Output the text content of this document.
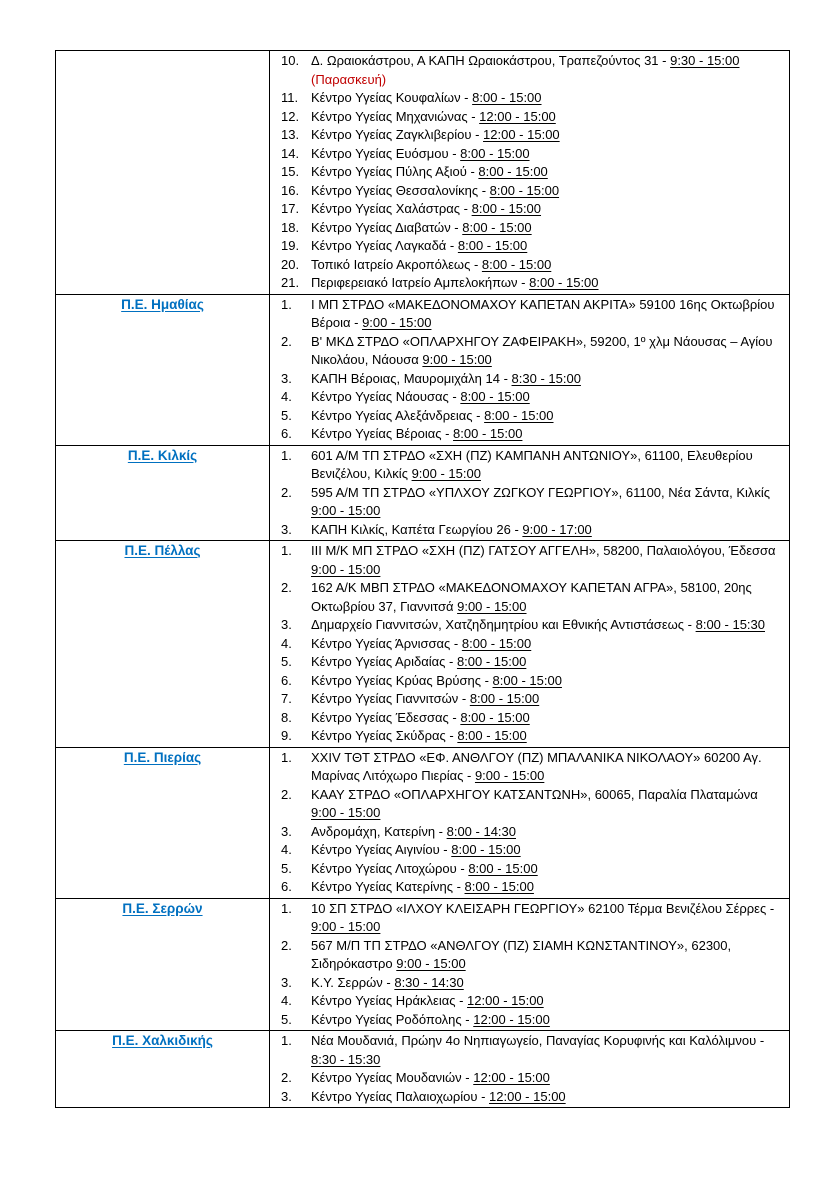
10. Δ. Ωραιοκάστρου, Α ΚΑΠΗ Ωραιοκάστρου, Τραπεζούντος 31 - 9:30 - 15:00
(Παρασκευή)
11. Κέντρο Υγείας Κουφαλίων - 8:00 - 15:00
12. Κέντρο Υγείας Μηχανιώνας - 12:00 - 15:00
13. Κέντρο Υγείας Ζαγκλιβερίου - 12:00 - 15:00
14. Κέντρο Υγείας Ευόσμου - 8:00 - 15:00
15. Κέντρο Υγείας Πύλης Αξιού - 8:00 - 15:00
16. Κέντρο Υγείας Θεσσαλονίκης - 8:00 - 15:00
17. Κέντρο Υγείας Χαλάστρας - 8:00 - 15:00
18. Κέντρο Υγείας Διαβατών - 8:00 - 15:00
19. Κέντρο Υγείας Λαγκαδά - 8:00 - 15:00
20. Τοπικό Ιατρείο Ακροπόλεως - 8:00 - 15:00
21. Περιφερειακό Ιατρείο Αμπελοκήπων - 8:00 - 15:00

Π.Ε. Ημαθίας	1.	Ι ΜΠ ΣΤΡΔΟ «ΜΑΚΕΔΟΝΟΜΑΧΟΥ ΚΑΠΕΤΑΝ ΑΚΡΙΤΑ» 59100 16ης Οκτωβρίου Βέροια - 9:00 - 15:00
2.	Β' ΜΚΔ ΣΤΡΔΟ «ΟΠΛΑΡΧΗΓΟΥ ΖΑΦΕΙΡΑΚΗ», 59200, 1º χλμ Νάουσας – Αγίου Νικολάου, Νάουσα 9:00 - 15:00
3.	ΚΑΠΗ Βέροιας, Μαυρομιχάλη 14 - 8:30 - 15:00
4.	Κέντρο Υγείας Νάουσας - 8:00 - 15:00
5.	Κέντρο Υγείας Αλεξάνδρειας - 8:00 - 15:00
6.	Κέντρο Υγείας Βέροιας - 8:00 - 15:00

Π.Ε. Κιλκίς	1.	601 Α/Μ ΤΠ ΣΤΡΔΟ «ΣΧΗ (ΠΖ) ΚΑΜΠΑΝΗ ΑΝΤΩΝΙΟΥ», 61100, Ελευθερίου Βενιζέλου, Κιλκίς 9:00 - 15:00
2.	595 Α/Μ ΤΠ ΣΤΡΔΟ «ΥΠΛΧΟΥ ΖΩΓΚΟΥ ΓΕΩΡΓΙΟΥ», 61100, Νέα Σάντα, Κιλκίς 9:00 - 15:00
3.	ΚΑΠΗ Κιλκίς, Καπέτα Γεωργίου 26 - 9:00 - 17:00

Π.Ε. Πέλλας	1.	ΙΙΙ Μ/Κ ΜΠ ΣΤΡΔΟ «ΣΧΗ (ΠΖ) ΓΑΤΣΟΥ ΑΓΓΕΛΗ», 58200, Παλαιολόγου, Έδεσσα 9:00 - 15:00
2.	162 Α/Κ ΜΒΠ ΣΤΡΔΟ «ΜΑΚΕΔΟΝΟΜΑΧΟΥ ΚΑΠΕΤΑΝ ΑΓΡΑ», 58100, 20ης Οκτωβρίου 37, Γιαννιτσά 9:00 - 15:00
3.	Δημαρχείο Γιαννιτσών, Χατζηδημητρίου και Εθνικής Αντιστάσεως - 8:00 - 15:30
4.	Κέντρο Υγείας Άρνισσας - 8:00 - 15:00
5.	Κέντρο Υγείας Αριδαίας - 8:00 - 15:00
6.	Κέντρο Υγείας Κρύας Βρύσης - 8:00 - 15:00
7.	Κέντρο Υγείας Γιαννιτσών - 8:00 - 15:00
8.	Κέντρο Υγείας Έδεσσας - 8:00 - 15:00
9.	Κέντρο Υγείας Σκύδρας - 8:00 - 15:00

Π.Ε. Πιερίας	1.	XXIV ΤΘΤ ΣΤΡΔΟ «ΕΦ. ΑΝΘΛΓΟΥ (ΠΖ) ΜΠΑΛΑΝΙΚΑ ΝΙΚΟΛΑΟΥ» 60200 Αγ. Μαρίνας Λιτόχωρο Πιερίας - 9:00 - 15:00
2.	ΚΑΑΥ ΣΤΡΔΟ «ΟΠΛΑΡΧΗΓΟΥ ΚΑΤΣΑΝΤΩΝΗ», 60065, Παραλία Πλαταμώνα 9:00 - 15:00
3.	Ανδρομάχη, Κατερίνη - 8:00 - 14:30
4.	Κέντρο Υγείας Αιγινίου - 8:00 - 15:00
5.	Κέντρο Υγείας Λιτοχώρου - 8:00 - 15:00
6.	Κέντρο Υγείας Κατερίνης - 8:00 - 15:00

Π.Ε. Σερρών	1.	10 ΣΠ ΣΤΡΔΟ «ΙΛΧΟΥ ΚΛΕΙΣΑΡΗ ΓΕΩΡΓΙΟΥ» 62100 Τέρμα Βενιζέλου Σέρρες - 9:00 - 15:00
2.	567 Μ/Π ΤΠ ΣΤΡΔΟ «ΑΝΘΛΓΟΥ (ΠΖ) ΣΙΑΜΗ ΚΩΝΣΤΑΝΤΙΝΟΥ», 62300, Σιδηρόκαστρο 9:00 - 15:00
3.	Κ.Υ. Σερρών - 8:30 - 14:30
4.	Κέντρο Υγείας Ηράκλειας - 12:00 - 15:00
5.	Κέντρο Υγείας Ροδόπολης - 12:00 - 15:00

Π.Ε. Χαλκιδικής	1.	Νέα Μουδανιά, Πρώην 4ο Νηπιαγωγείο, Παναγίας Κορυφινής και Καλόλιμνου - 8:30 - 15:30
2.	Κέντρο Υγείας Μουδανιών - 12:00 - 15:00
3.	Κέντρο Υγείας Παλαιοχωρίου - 12:00 - 15:00
